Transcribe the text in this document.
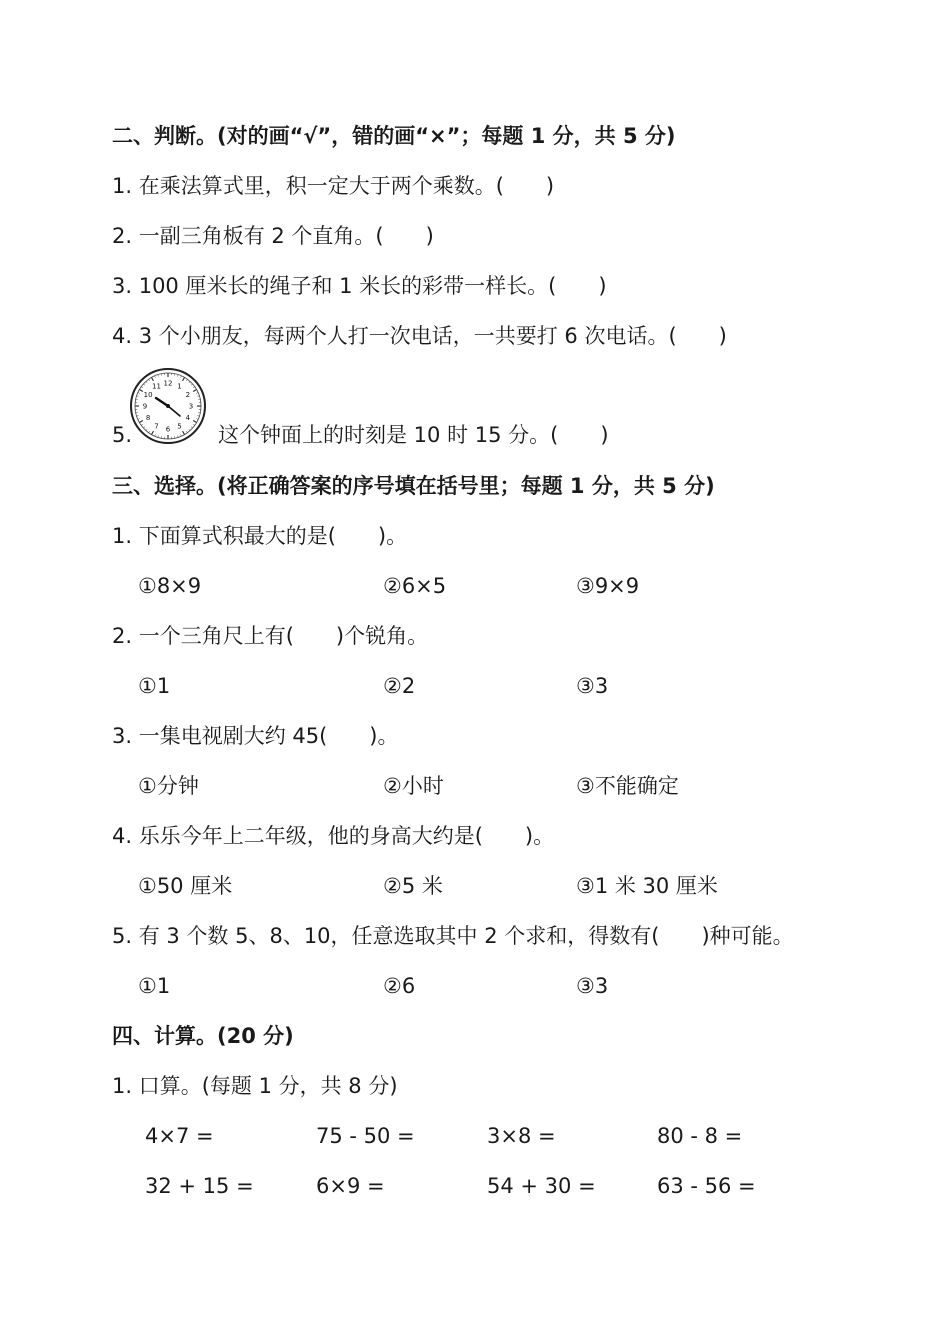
二、判断。(对的画“√”，错的画“×”；每题 1 分，共 5 分)
1. 在乘法算式里，积一定大于两个乘数。(　　)
2. 一副三角板有 2 个直角。(　　)
3. 100 厘米长的绳子和 1 米长的彩带一样长。(　　)
4. 3 个小朋友，每两个人打一次电话，一共要打 6 次电话。(　　)
5.
12 1
2
3
4
5
6
7
8
9
10
11
这个钟面上的时刻是 10 时 15 分。(　　)
三、选择。(将正确答案的序号填在括号里；每题 1 分，共 5 分)
1. 下面算式积最大的是(　　)。
①8×9	②6×5	③9×9
2. 一个三角尺上有(　　)个锐角。
①1	②2	③3
3. 一集电视剧大约 45(　　)。
①分钟	②小时	③不能确定
4. 乐乐今年上二年级，他的身高大约是(　　)。
①50 厘米	②5 米	③1 米 30 厘米
5. 有 3 个数 5、8、10，任意选取其中 2 个求和，得数有(　　)种可能。
①1	②6	③3
四、计算。(20 分)
1. 口算。(每题 1 分，共 8 分)
4×7 =	75 - 50 =	3×8 =	80 - 8 =
32 + 15 =	6×9 =	54 + 30 =	63 - 56 =
